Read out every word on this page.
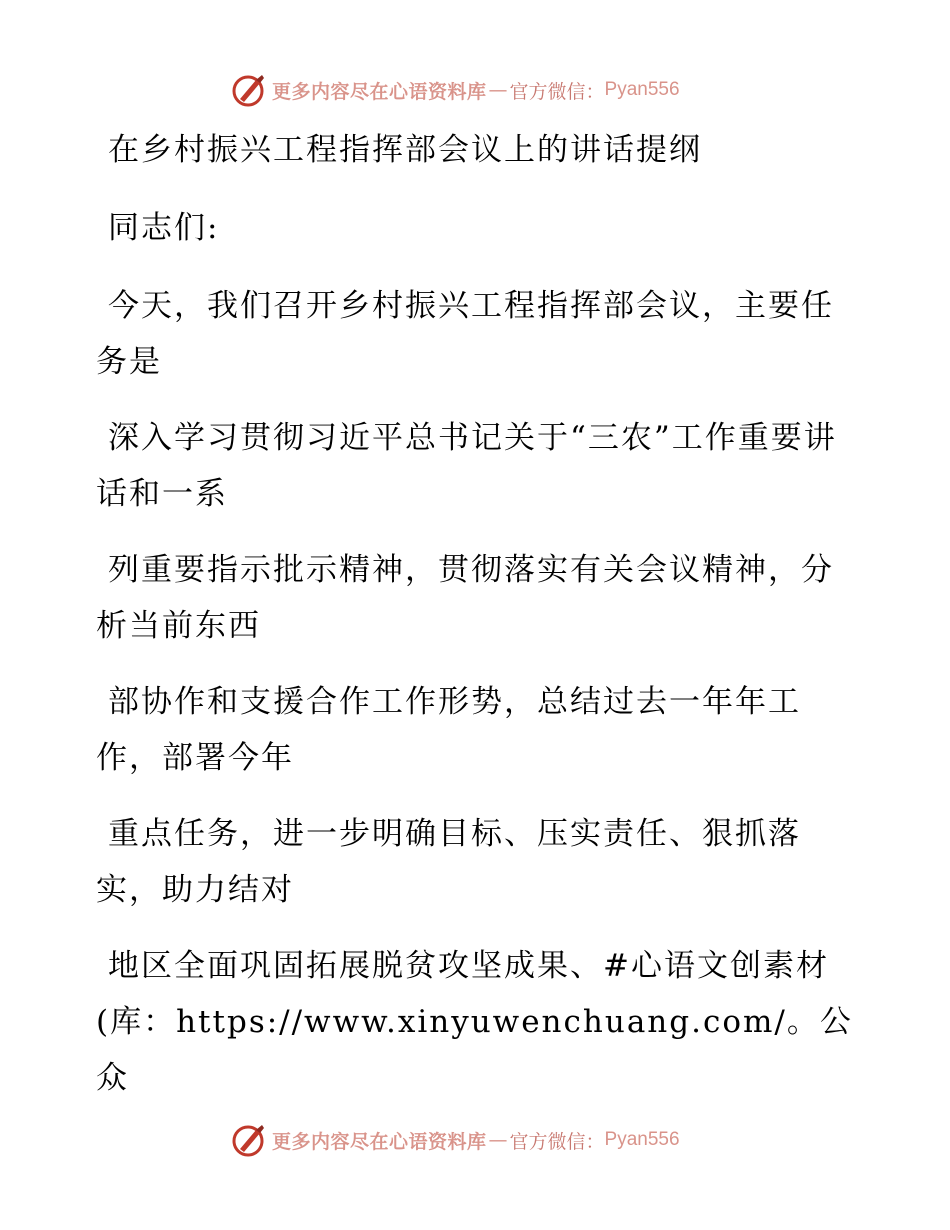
更多内容尽在心语资料库 — 官方微信： Pyan556

在乡村振兴工程指挥部会议上的讲话提纲

同志们:

今天，我们召开乡村振兴工程指挥部会议，主要任务是

深入学习贯彻习近平总书记关于“三农”工作重要讲话和一系

列重要指示批示精神，贯彻落实有关会议精神，分析当前东西

部协作和支援合作工作形势，总结过去一年年工作，部署今年

重点任务，进一步明确目标、压实责任、狠抓落实，助力结对

地区全面巩固拓展脱贫攻坚成果、#心语文创素材(库：https://www.xinyuwenchuang.com/。公众

更多内容尽在心语资料库 — 官方微信： Pyan556
